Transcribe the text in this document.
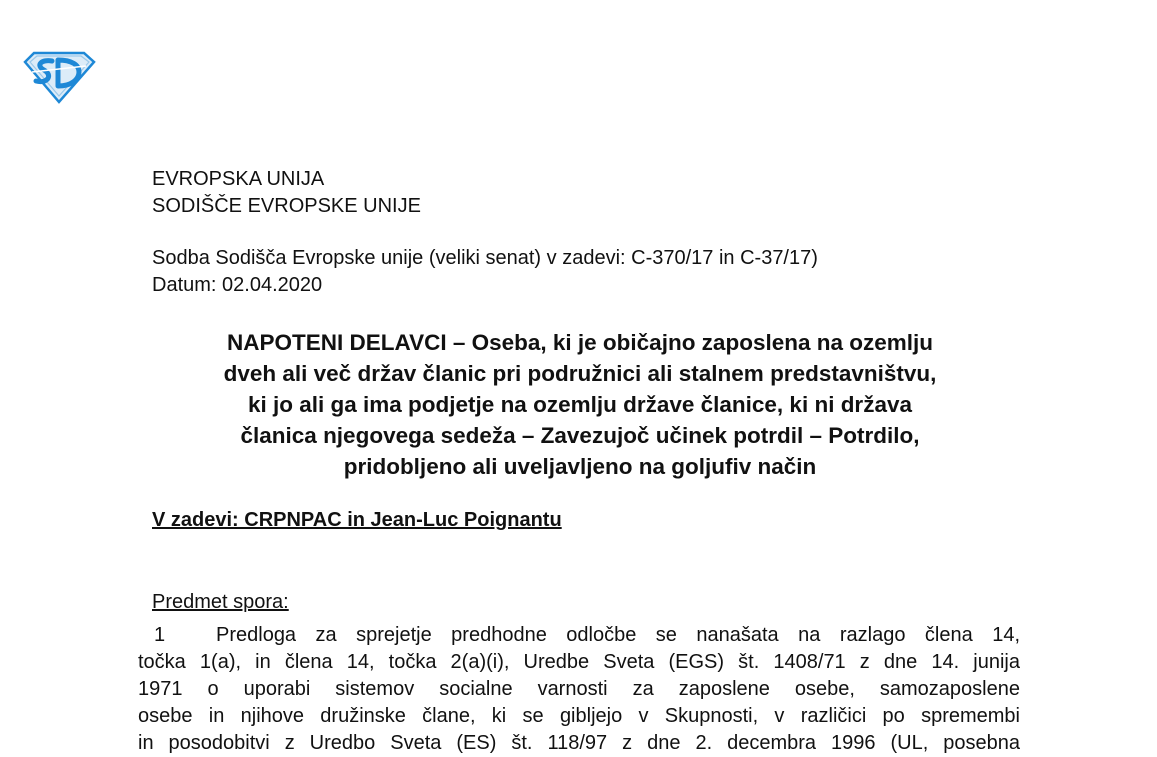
EVROPSKA UNIJA
SODIŠČE EVROPSKE UNIJE
Sodba Sodišča Evropske unije (veliki senat) v zadevi: C-370/17 in C-37/17)
Datum: 02.04.2020
NAPOTENI DELAVCI – Oseba, ki je običajno zaposlena na ozemlju
dveh ali več držav članic pri podružnici ali stalnem predstavništvu,
ki jo ali ga ima podjetje na ozemlju države članice, ki ni država
članica njegovega sedeža – Zavezujoč učinek potrdil – Potrdilo,
pridobljeno ali uveljavljeno na goljufiv način
V zadevi: CRPNPAC in Jean-Luc Poignantu
Predmet spora:
1	Predloga za sprejetje predhodne odločbe se nanašata na razlago člena 14,
točka 1(a), in člena 14, točka 2(a)(i), Uredbe Sveta (EGS) št. 1408/71 z dne 14. junija
1971 o uporabi sistemov socialne varnosti za zaposlene osebe, samozaposlene
osebe in njihove družinske člane, ki se gibljejo v Skupnosti, v različici po spremembi
in posodobitvi z Uredbo Sveta (ES) št. 118/97 z dne 2. decembra 1996 (UL, posebna
